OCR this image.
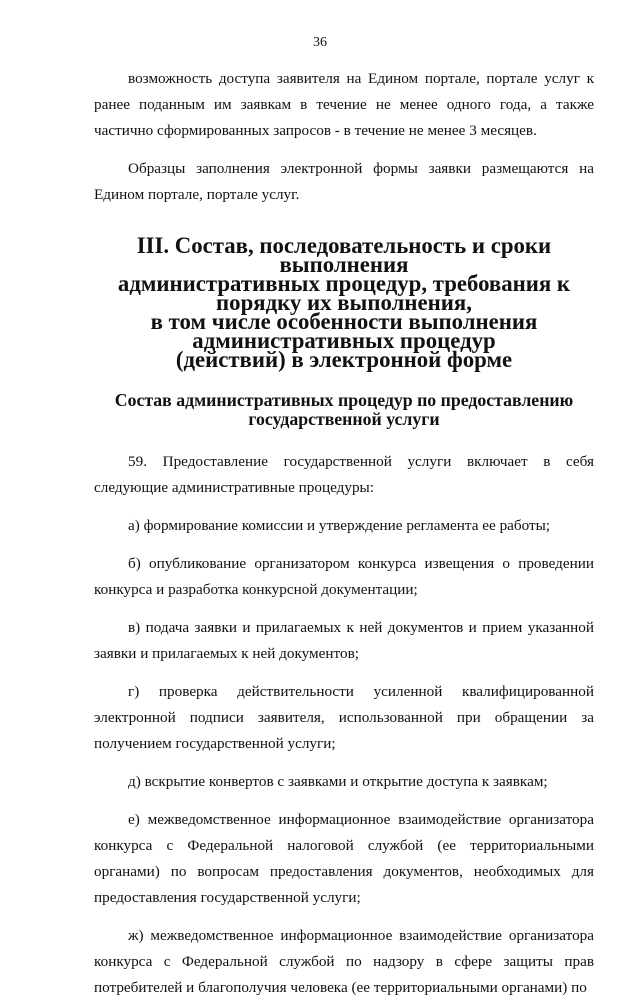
36

возможность доступа заявителя на Едином портале, портале услуг к ранее поданным им заявкам в течение не менее одного года, а также частично сформированных запросов - в течение не менее 3 месяцев.

Образцы заполнения электронной формы заявки размещаются на Едином портале, портале услуг.

III. Состав, последовательность и сроки выполнения
административных процедур, требования к порядку их выполнения,
в том числе особенности выполнения административных процедур
(действий) в электронной форме
Состав административных процедур по предоставлению
государственной услуги

59. Предоставление государственной услуги включает в себя следующие административные процедуры:

а) формирование комиссии и утверждение регламента ее работы;

б) опубликование организатором конкурса извещения о проведении конкурса и разработка конкурсной документации;

в) подача заявки и прилагаемых к ней документов и прием указанной заявки и прилагаемых к ней документов;

г) проверка действительности усиленной квалифицированной электронной подписи заявителя, использованной при обращении за получением государственной услуги;

д) вскрытие конвертов с заявками и открытие доступа к заявкам;

е) межведомственное информационное взаимодействие организатора конкурса с Федеральной налоговой службой (ее территориальными органами) по вопросам предоставления документов, необходимых для предоставления государственной услуги;

ж) межведомственное информационное взаимодействие организатора конкурса с Федеральной службой по надзору в сфере защиты прав потребителей и благополучия человека (ее территориальными органами) по
